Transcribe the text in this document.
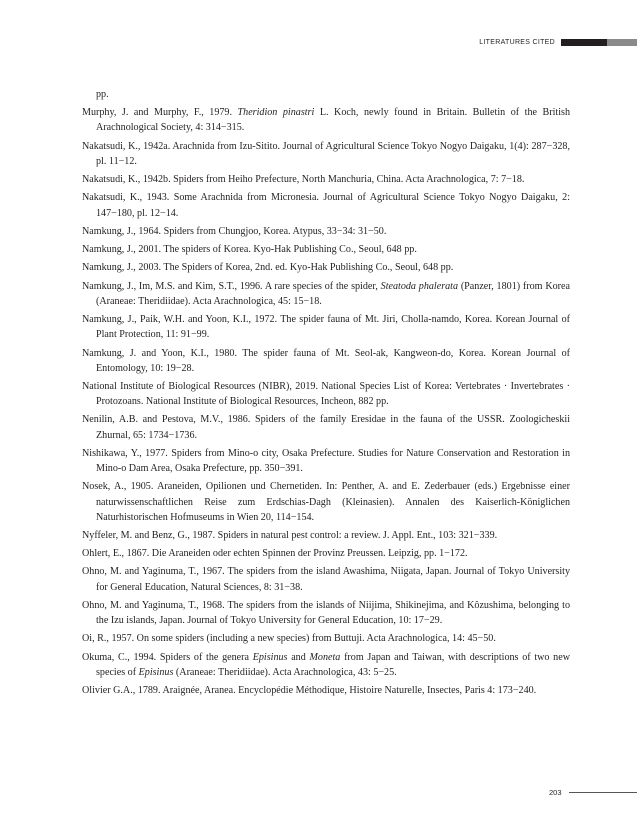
LITERATURES CITED

pp.

Murphy, J. and Murphy, F., 1979. Theridion pinastri L. Koch, newly found in Britain. Bulletin of the British Arachnological Society, 4: 314−315.

Nakatsudi, K., 1942a. Arachnida from Izu-Sitito. Journal of Agricultural Science Tokyo Nogyo Daigaku, 1(4): 287−328, pl. 11−12.

Nakatsudi, K., 1942b. Spiders from Heiho Prefecture, North Manchuria, China. Acta Arachnologica, 7: 7−18.

Nakatsudi, K., 1943. Some Arachnida from Micronesia. Journal of Agricultural Science Tokyo Nogyo Daigaku, 2: 147−180, pl. 12−14.

Namkung, J., 1964. Spiders from Chungjoo, Korea. Atypus, 33−34: 31−50.

Namkung, J., 2001. The spiders of Korea. Kyo-Hak Publishing Co., Seoul, 648 pp.

Namkung, J., 2003. The Spiders of Korea, 2nd. ed. Kyo-Hak Publishing Co., Seoul, 648 pp.

Namkung, J., Im, M.S. and Kim, S.T., 1996. A rare species of the spider, Steatoda phalerata (Panzer, 1801) from Korea (Araneae: Theridiidae). Acta Arachnologica, 45: 15−18.

Namkung, J., Paik, W.H. and Yoon, K.I., 1972. The spider fauna of Mt. Jiri, Cholla-namdo, Korea. Korean Journal of Plant Protection, 11: 91−99.

Namkung, J. and Yoon, K.I., 1980. The spider fauna of Mt. Seol-ak, Kangweon-do, Korea. Korean Journal of Entomology, 10: 19−28.

National Institute of Biological Resources (NIBR), 2019. National Species List of Korea: Vertebrates · Invertebrates · Protozoans. National Institute of Biological Resources, Incheon, 882 pp.

Nenilin, A.B. and Pestova, M.V., 1986. Spiders of the family Eresidae in the fauna of the USSR. Zoologicheskii Zhurnal, 65: 1734−1736.

Nishikawa, Y., 1977. Spiders from Mino-o city, Osaka Prefecture. Studies for Nature Conservation and Restoration in Mino-o Dam Area, Osaka Prefecture, pp. 350−391.

Nosek, A., 1905. Araneiden, Opilionen und Chernetiden. In: Penther, A. and E. Zederbauer (eds.) Ergebnisse einer naturwissenschaftlichen Reise zum Erdschias-Dagh (Kleinasien). Annalen des Kaiserlich-Königlichen Naturhistorischen Hofmuseums in Wien 20, 114−154.

Nyffeler, M. and Benz, G., 1987. Spiders in natural pest control: a review. J. Appl. Ent., 103: 321−339.

Ohlert, E., 1867. Die Araneiden oder echten Spinnen der Provinz Preussen. Leipzig, pp. 1−172.

Ohno, M. and Yaginuma, T., 1967. The spiders from the island Awashima, Niigata, Japan. Journal of Tokyo University for General Education, Natural Sciences, 8: 31−38.

Ohno, M. and Yaginuma, T., 1968. The spiders from the islands of Niijima, Shikinejima, and Kôzushima, belonging to the Izu islands, Japan. Journal of Tokyo University for General Education, 10: 17−29.

Oi, R., 1957. On some spiders (including a new species) from Buttuji. Acta Arachnologica, 14: 45−50.

Okuma, C., 1994. Spiders of the genera Episinus and Moneta from Japan and Taiwan, with descriptions of two new species of Episinus (Araneae: Theridiidae). Acta Arachnologica, 43: 5−25.

Olivier G.A., 1789. Araignée, Aranea. Encyclopédie Méthodique, Histoire Naturelle, Insectes, Paris 4: 173−240.

203
